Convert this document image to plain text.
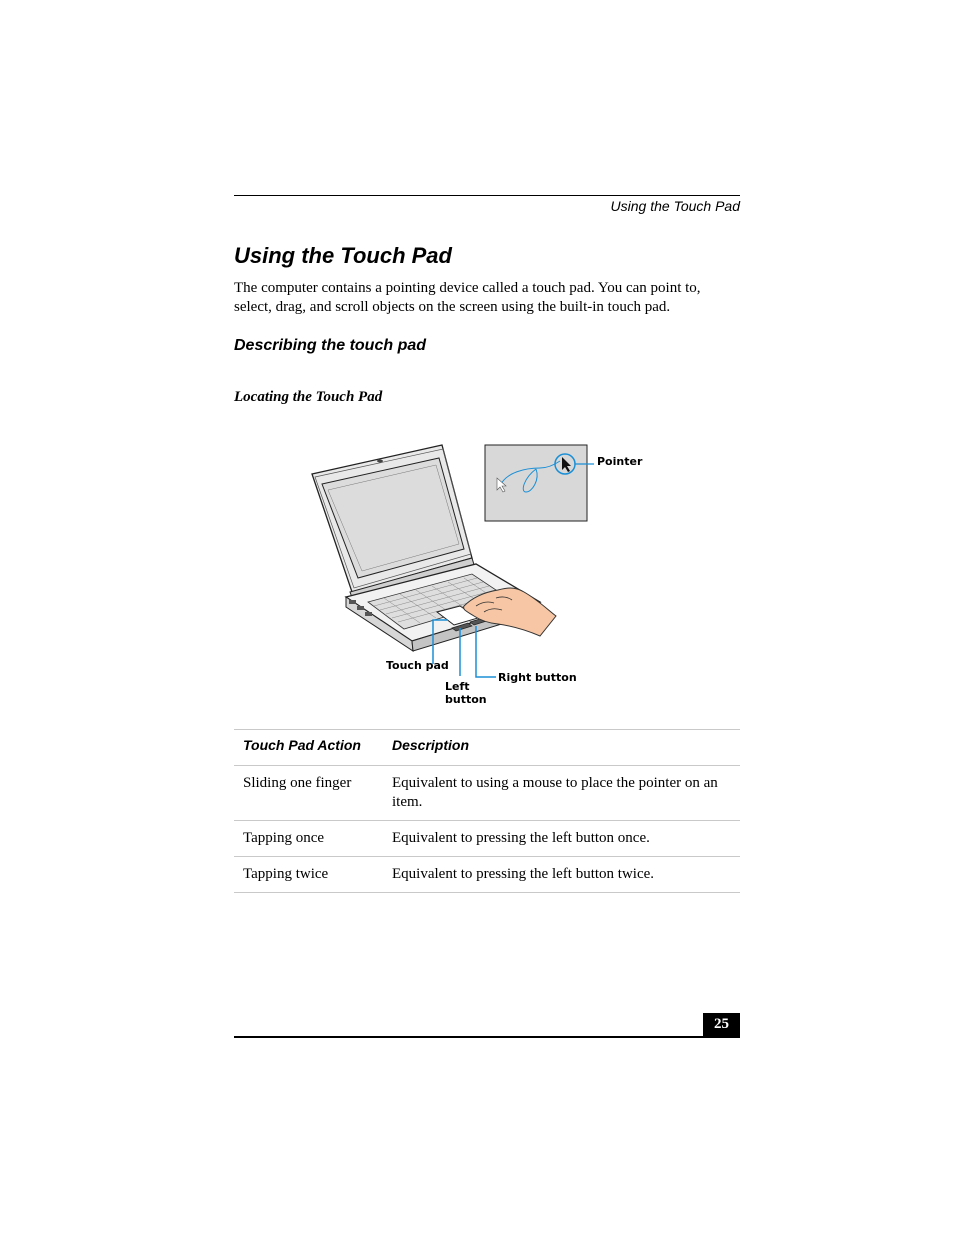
Using the Touch Pad
Using the Touch Pad

The computer contains a pointing device called a touch pad. You can point to, select, drag, and scroll objects on the screen using the built-in touch pad.

Describing the touch pad

Locating the Touch Pad

Pointer
Touch pad
Left
button
Right button
Touch Pad Action	Description
Sliding one finger	Equivalent to using a mouse to place the pointer on an item.
Tapping once	Equivalent to pressing the left button once.
Tapping twice	Equivalent to pressing the left button twice.
25
